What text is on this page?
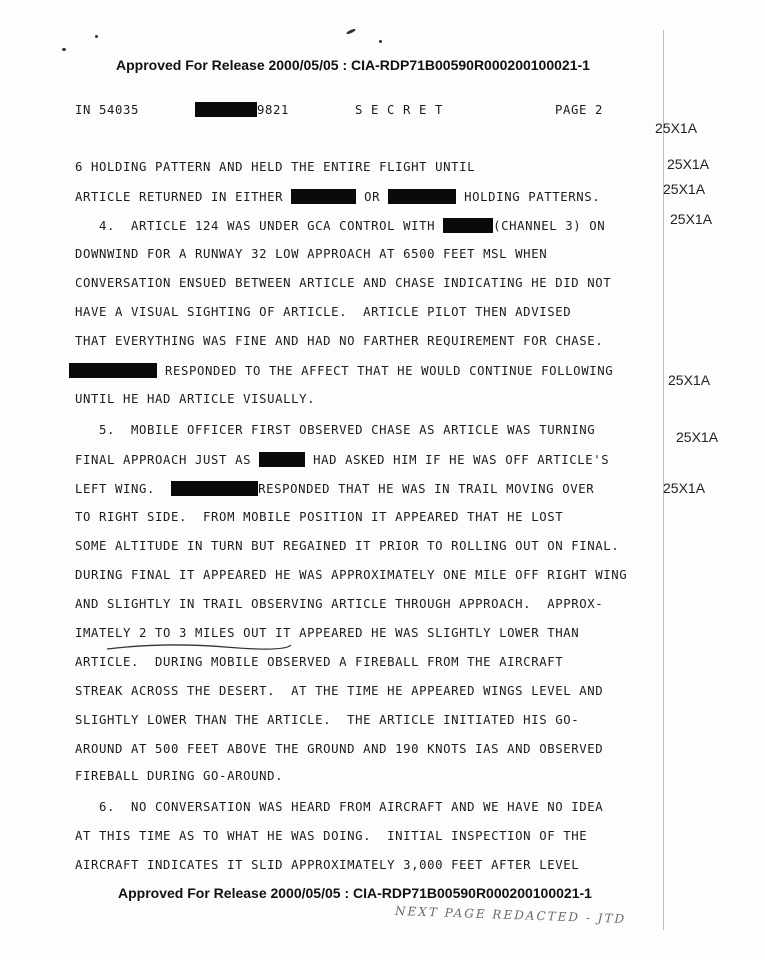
Approved For Release 2000/05/05 : CIA-RDP71B00590R000200100021-1
IN 54035	9821	S E C R E T	PAGE 2
25X1A
25X1A
25X1A
25X1A
25X1A
25X1A
25X1A
6 HOLDING PATTERN AND HELD THE ENTIRE FLIGHT UNTIL
ARTICLE RETURNED IN EITHER	OR	HOLDING PATTERNS.
4.  ARTICLE 124 WAS UNDER GCA CONTROL WITH	(CHANNEL 3) ON
DOWNWIND FOR A RUNWAY 32 LOW APPROACH AT 6500 FEET MSL WHEN
CONVERSATION ENSUED BETWEEN ARTICLE AND CHASE INDICATING HE DID NOT
HAVE A VISUAL SIGHTING OF ARTICLE.  ARTICLE PILOT THEN ADVISED
THAT EVERYTHING WAS FINE AND HAD NO FARTHER REQUIREMENT FOR CHASE.
RESPONDED TO THE AFFECT THAT HE WOULD CONTINUE FOLLOWING
UNTIL HE HAD ARTICLE VISUALLY.
5.  MOBILE OFFICER FIRST OBSERVED CHASE AS ARTICLE WAS TURNING
FINAL APPROACH JUST AS	HAD ASKED HIM IF HE WAS OFF ARTICLE'S
LEFT WING.	RESPONDED THAT HE WAS IN TRAIL MOVING OVER
TO RIGHT SIDE.  FROM MOBILE POSITION IT APPEARED THAT HE LOST
SOME ALTITUDE IN TURN BUT REGAINED IT PRIOR TO ROLLING OUT ON FINAL.
DURING FINAL IT APPEARED HE WAS APPROXIMATELY ONE MILE OFF RIGHT WING
AND SLIGHTLY IN TRAIL OBSERVING ARTICLE THROUGH APPROACH.  APPROX-
IMATELY 2 TO 3 MILES OUT IT APPEARED HE WAS SLIGHTLY LOWER THAN
ARTICLE.  DURING MOBILE OBSERVED A FIREBALL FROM THE AIRCRAFT
STREAK ACROSS THE DESERT.  AT THE TIME HE APPEARED WINGS LEVEL AND
SLIGHTLY LOWER THAN THE ARTICLE.  THE ARTICLE INITIATED HIS GO-
AROUND AT 500 FEET ABOVE THE GROUND AND 190 KNOTS IAS AND OBSERVED
FIREBALL DURING GO-AROUND.
6.  NO CONVERSATION WAS HEARD FROM AIRCRAFT AND WE HAVE NO IDEA
AT THIS TIME AS TO WHAT HE WAS DOING.  INITIAL INSPECTION OF THE
AIRCRAFT INDICATES IT SLID APPROXIMATELY 3,000 FEET AFTER LEVEL
Approved For Release 2000/05/05 : CIA-RDP71B00590R000200100021-1
NEXT PAGE REDACTED - JTD
